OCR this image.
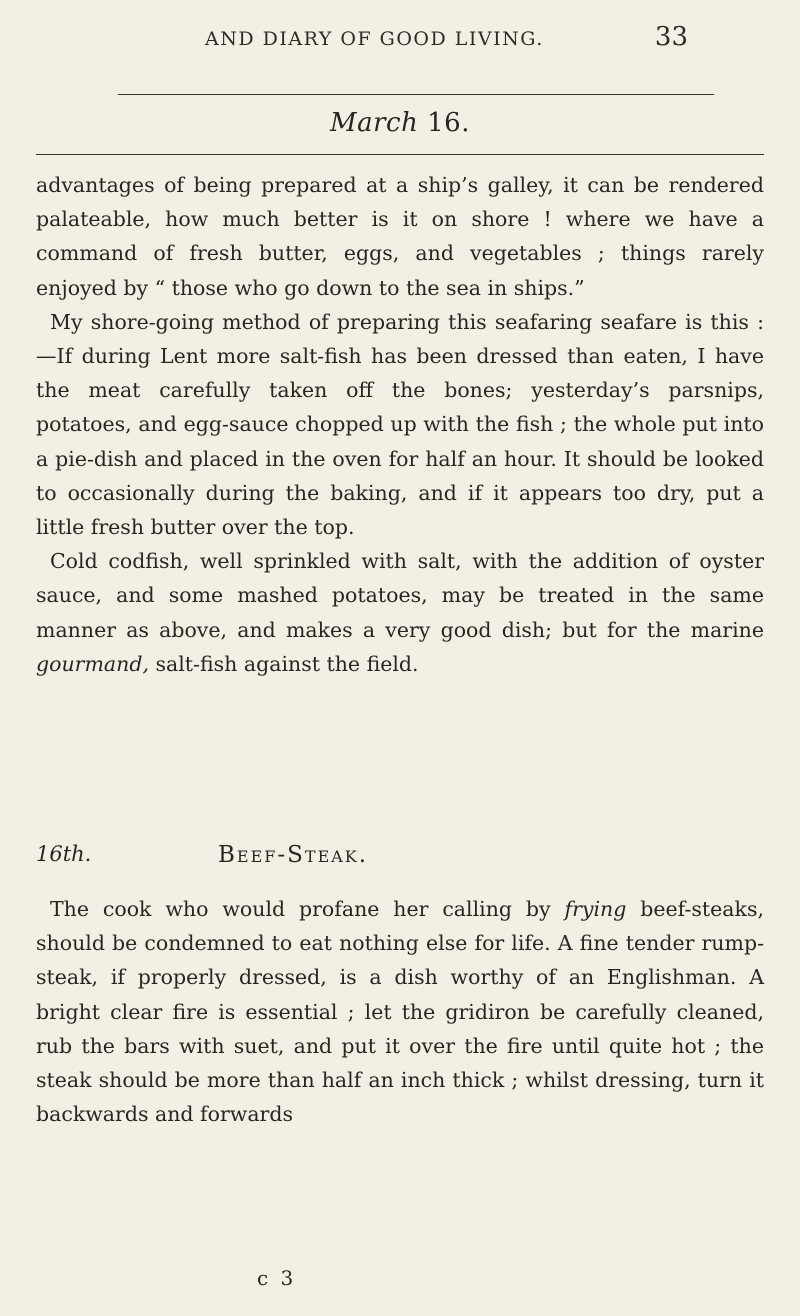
AND DIARY OF GOOD LIVING.	33
March 16.

advantages of being prepared at a ship’s galley, it can be rendered palateable, how much better is it on shore ! where we have a command of fresh butter, eggs, and vegetables ; things rarely enjoyed by “ those who go down to the sea in ships.”

My shore-going method of preparing this seafaring seafare is this :—If during Lent more salt-fish has been dressed than eaten, I have the meat carefully taken off the bones; yesterday’s parsnips, potatoes, and egg-sauce chopped up with the fish ; the whole put into a pie-dish and placed in the oven for half an hour. It should be looked to occasionally during the baking, and if it appears too dry, put a little fresh butter over the top.

Cold codfish, well sprinkled with salt, with the addition of oyster sauce, and some mashed potatoes, may be treated in the same manner as above, and makes a very good dish; but for the marine gourmand, salt-fish against the field.

16th.	Beef-Steak.

The cook who would profane her calling by frying beef-steaks, should be condemned to eat nothing else for life. A fine tender rump-steak, if properly dressed, is a dish worthy of an Englishman. A bright clear fire is essential ; let the gridiron be carefully cleaned, rub the bars with suet, and put it over the fire until quite hot ; the steak should be more than half an inch thick ; whilst dressing, turn it backwards and forwards

c 3
